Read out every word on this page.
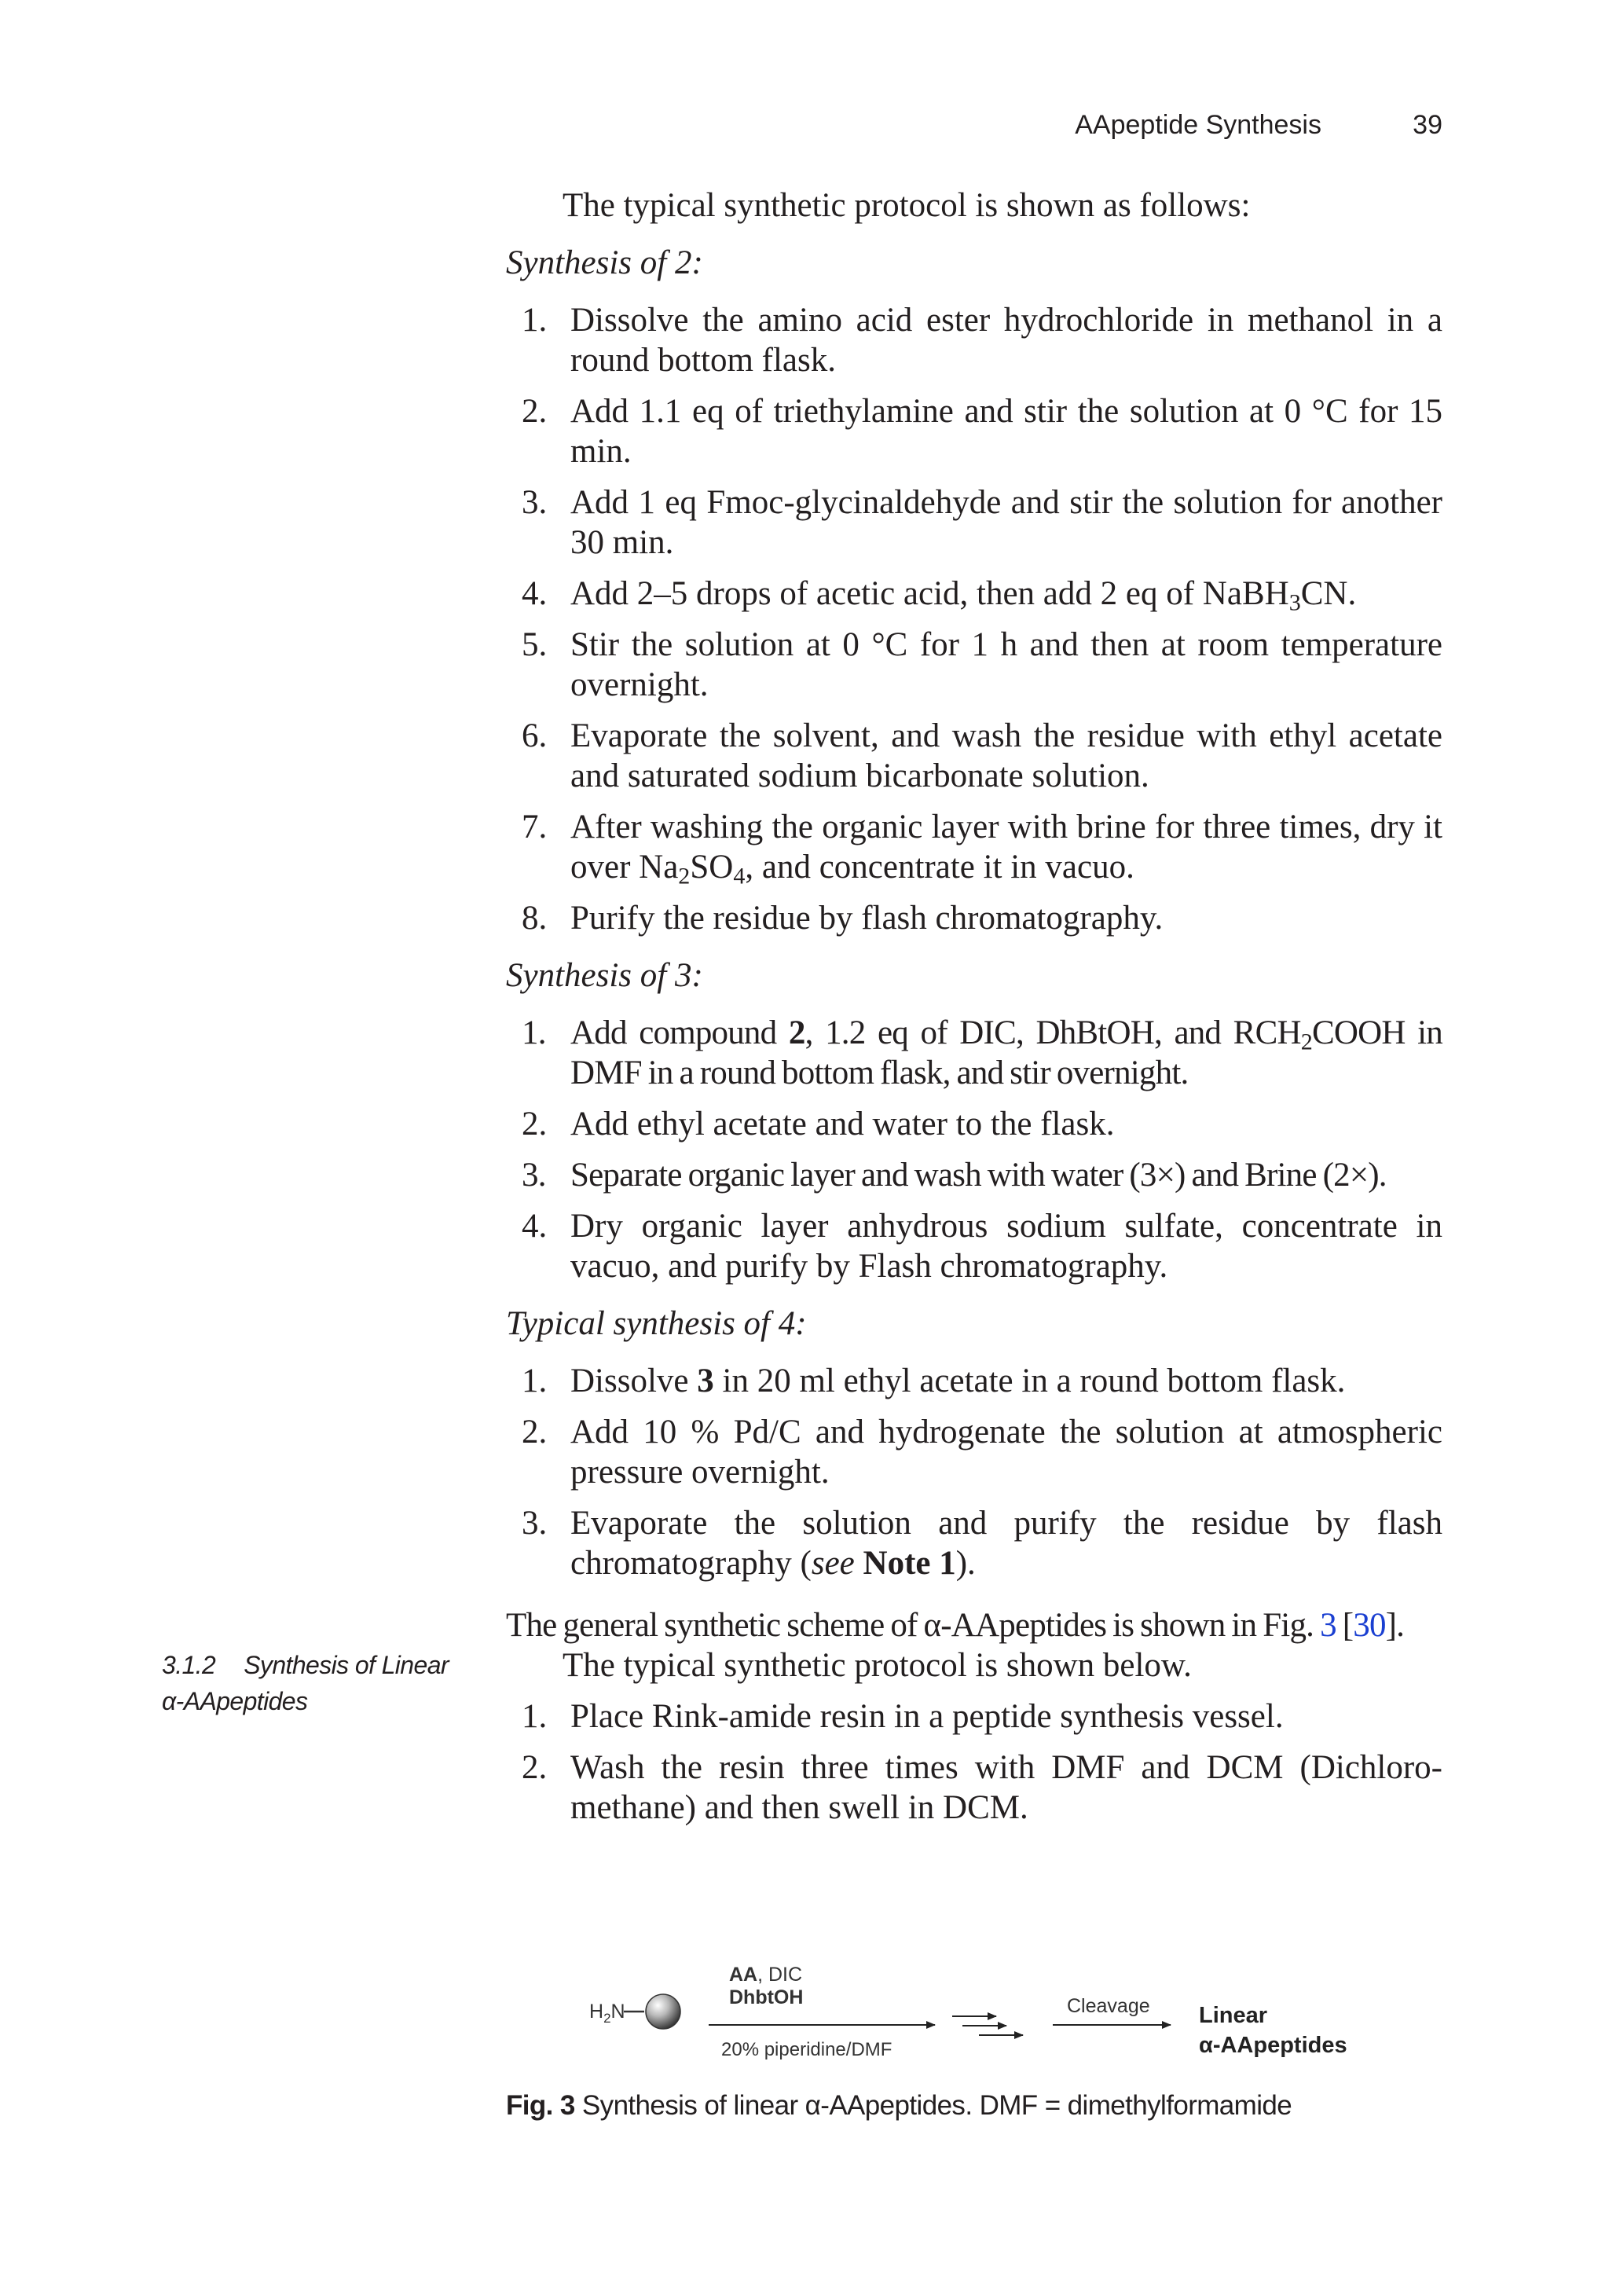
AApeptide Synthesis	39

The typical synthetic protocol is shown as follows:

Synthesis of 2:

1. Dissolve the amino acid ester hydrochloride in methanol in a round bottom flask.
2. Add 1.1 eq of triethylamine and stir the solution at 0 °C for 15 min.
3. Add 1 eq Fmoc-glycinaldehyde and stir the solution for another 30 min.
4. Add 2–5 drops of acetic acid, then add 2 eq of NaBH$_3$CN.
5. Stir the solution at 0 °C for 1 h and then at room temperature overnight.
6. Evaporate the solvent, and wash the residue with ethyl acetate and saturated sodium bicarbonate solution.
7. After washing the organic layer with brine for three times, dry it over $Na_2SO_4$, and concentrate it in vacuo.
8. Purify the residue by flash chromatography.

Synthesis of 3:

1. Add compound 2, 1.2 eq of DIC, DhBtOH, and $RCH_2COOH$ in DMF in a round bottom flask, and stir overnight.
2. Add ethyl acetate and water to the flask.
3. Separate organic layer and wash with water (3×) and Brine (2×).
4. Dry organic layer anhydrous sodium sulfate, concentrate in vacuo, and purify by Flash chromatography.

Typical synthesis of 4:

1. Dissolve 3 in 20 ml ethyl acetate in a round bottom flask.
2. Add 10 % Pd/C and hydrogenate the solution at atmospheric pressure overnight.
3. Evaporate the solution and purify the residue by flash chromatography (see Note 1).

The general synthetic scheme of α-AApeptides is shown in Fig. 3 [30].

The typical synthetic protocol is shown below.

1. Place Rink-amide resin in a peptide synthesis vessel.
2. Wash the resin three times with DMF and DCM (Dichloro-methane) and then swell in DCM.
3.1.2 Synthesis of Linear
α-AApeptides
$H_2N$
AA, DIC
DhbtOH
20% piperidine/DMF
Cleavage Linear
α-AApeptides
Fig. 3 Synthesis of linear α-AApeptides. DMF = dimethylformamide
